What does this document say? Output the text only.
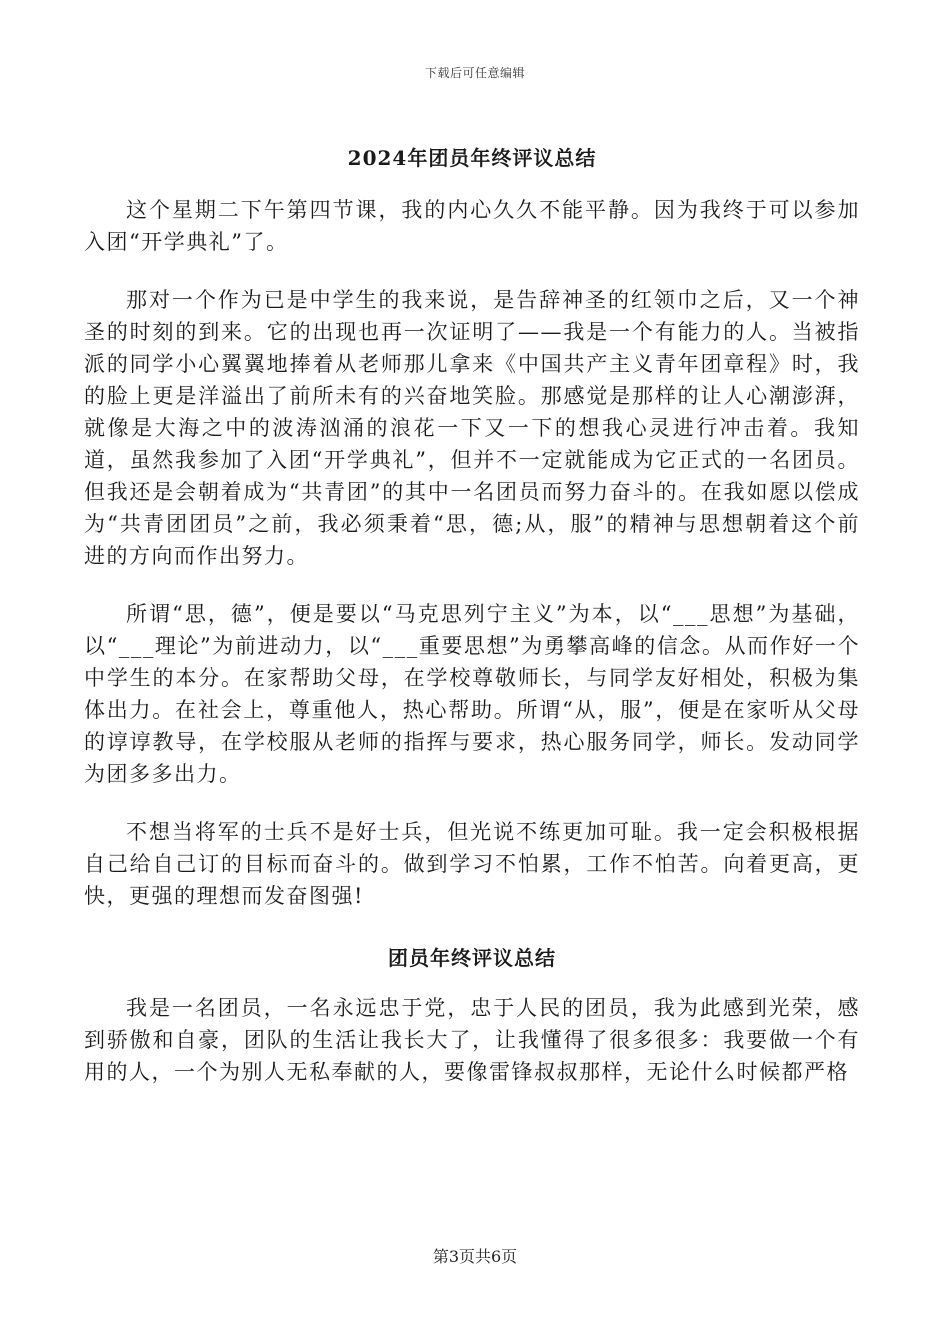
下载后可任意编辑
2024年团员年终评议总结

这个星期二下午第四节课，我的内心久久不能平静。因为我终于可以参加入团“开学典礼”了。

那对一个作为已是中学生的我来说，是告辞神圣的红领巾之后，又一个神圣的时刻的到来。它的出现也再一次证明了——我是一个有能力的人。当被指派的同学小心翼翼地捧着从老师那儿拿来《中国共产主义青年团章程》时，我的脸上更是洋溢出了前所未有的兴奋地笑脸。那感觉是那样的让人心潮澎湃，就像是大海之中的波涛汹涌的浪花一下又一下的想我心灵进行冲击着。我知道，虽然我参加了入团“开学典礼”，但并不一定就能成为它正式的一名团员。但我还是会朝着成为“共青团”的其中一名团员而努力奋斗的。在我如愿以偿成为“共青团团员”之前，我必须秉着“思，德;从，服”的精神与思想朝着这个前进的方向而作出努力。

所谓“思，德”，便是要以“马克思列宁主义”为本，以“___思想”为基础，以“___理论”为前进动力，以“___重要思想”为勇攀高峰的信念。从而作好一个中学生的本分。在家帮助父母，在学校尊敬师长，与同学友好相处，积极为集体出力。在社会上，尊重他人，热心帮助。所谓“从，服”，便是在家听从父母的谆谆教导，在学校服从老师的指挥与要求，热心服务同学，师长。发动同学为团多多出力。

不想当将军的士兵不是好士兵，但光说不练更加可耻。我一定会积极根据自己给自己订的目标而奋斗的。做到学习不怕累，工作不怕苦。向着更高，更快，更强的理想而发奋图强!

团员年终评议总结

我是一名团员，一名永远忠于党，忠于人民的团员，我为此感到光荣，感到骄傲和自豪，团队的生活让我长大了，让我懂得了很多很多：我要做一个有用的人，一个为别人无私奉献的人，要像雷锋叔叔那样，无论什么时候都严格

第3页共6页
